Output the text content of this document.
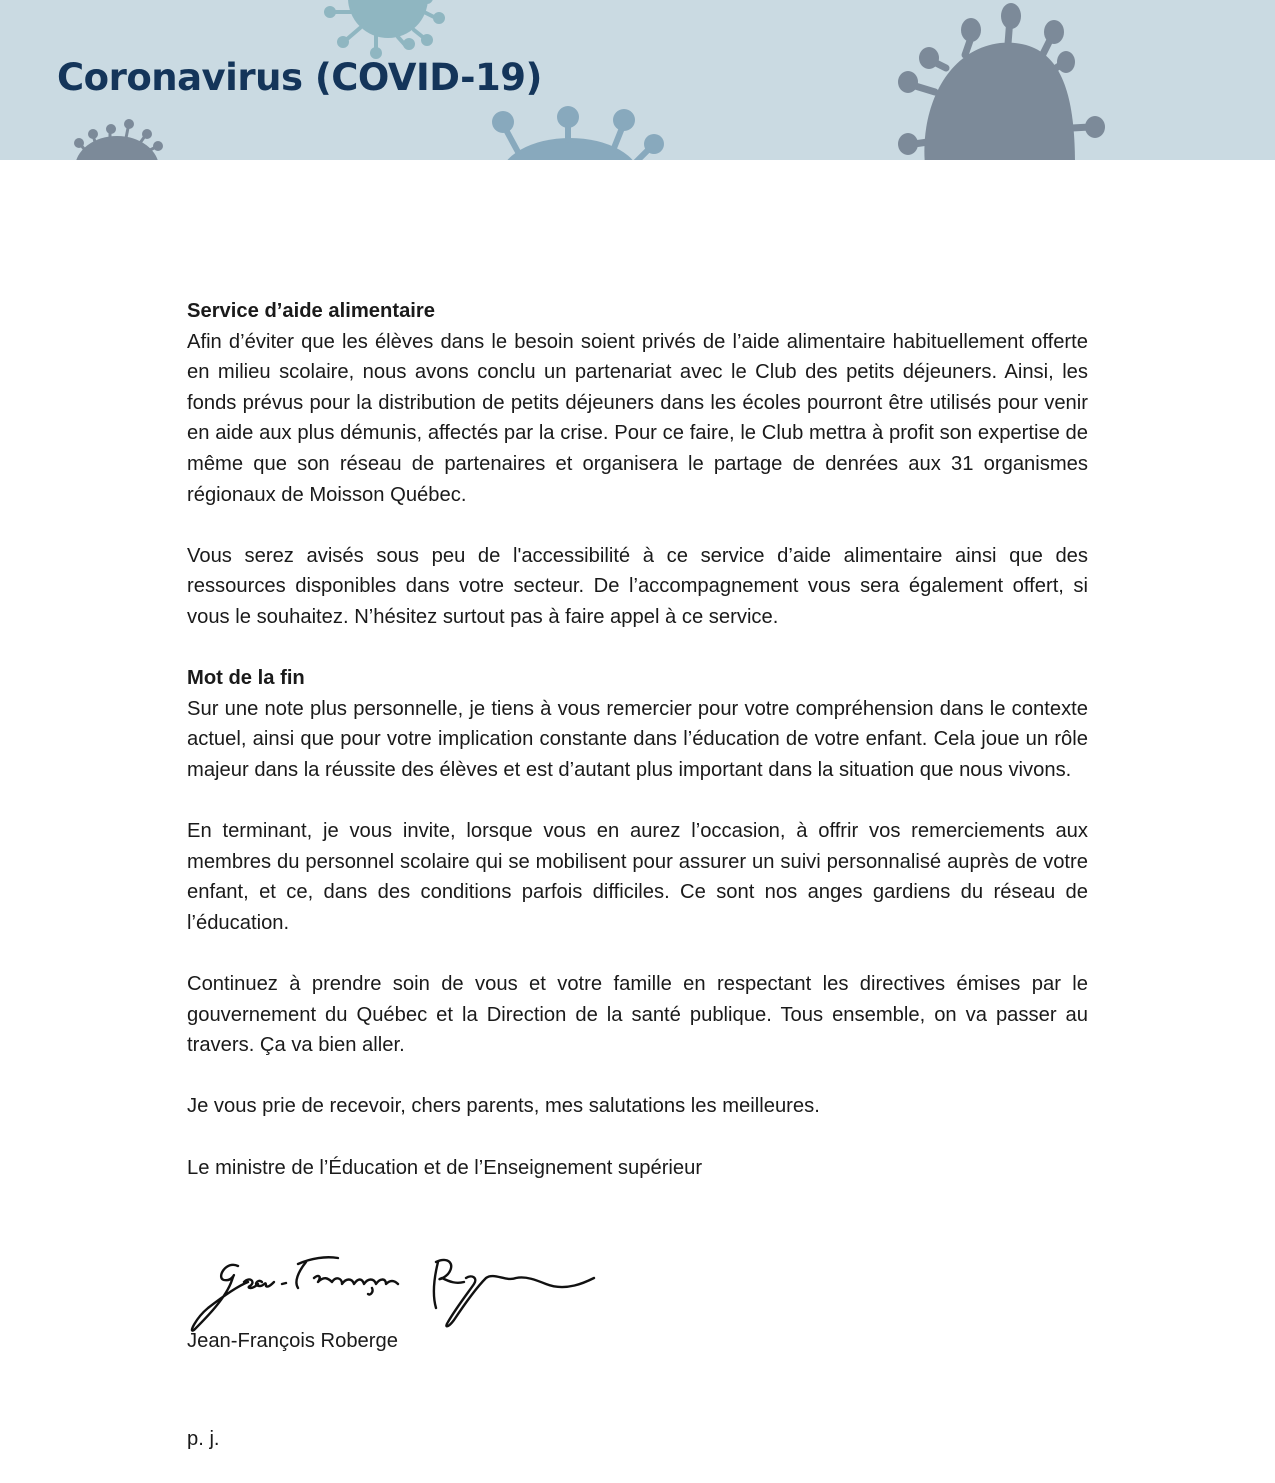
Coronavirus (COVID-19)

Service d’aide alimentaire

Afin d’éviter que les élèves dans le besoin soient privés de l’aide alimentaire habituellement offerte en milieu scolaire, nous avons conclu un partenariat avec le Club des petits déjeuners. Ainsi, les fonds prévus pour la distribution de petits déjeuners dans les écoles pourront être utilisés pour venir en aide aux plus démunis, affectés par la crise. Pour ce faire, le Club mettra à profit son expertise de même que son réseau de partenaires et organisera le partage de denrées aux 31 organismes régionaux de Moisson Québec.

Vous serez avisés sous peu de l'accessibilité à ce service d’aide alimentaire ainsi que des ressources disponibles dans votre secteur. De l’accompagnement vous sera également offert, si vous le souhaitez. N’hésitez surtout pas à faire appel à ce service.

Mot de la fin

Sur une note plus personnelle, je tiens à vous remercier pour votre compréhension dans le contexte actuel, ainsi que pour votre implication constante dans l’éducation de votre enfant. Cela joue un rôle majeur dans la réussite des élèves et est d’autant plus important dans la situation que nous vivons.

En terminant, je vous invite, lorsque vous en aurez l’occasion, à offrir vos remerciements aux membres du personnel scolaire qui se mobilisent pour assurer un suivi personnalisé auprès de votre enfant, et ce, dans des conditions parfois difficiles. Ce sont nos anges gardiens du réseau de l’éducation.

Continuez à prendre soin de vous et votre famille en respectant les directives émises par le gouvernement du Québec et la Direction de la santé publique. Tous ensemble, on va passer au travers. Ça va bien aller.

Je vous prie de recevoir, chers parents, mes salutations les meilleures.

Le ministre de l’Éducation et de l’Enseignement supérieur

Jean-François Roberge
p. j.
